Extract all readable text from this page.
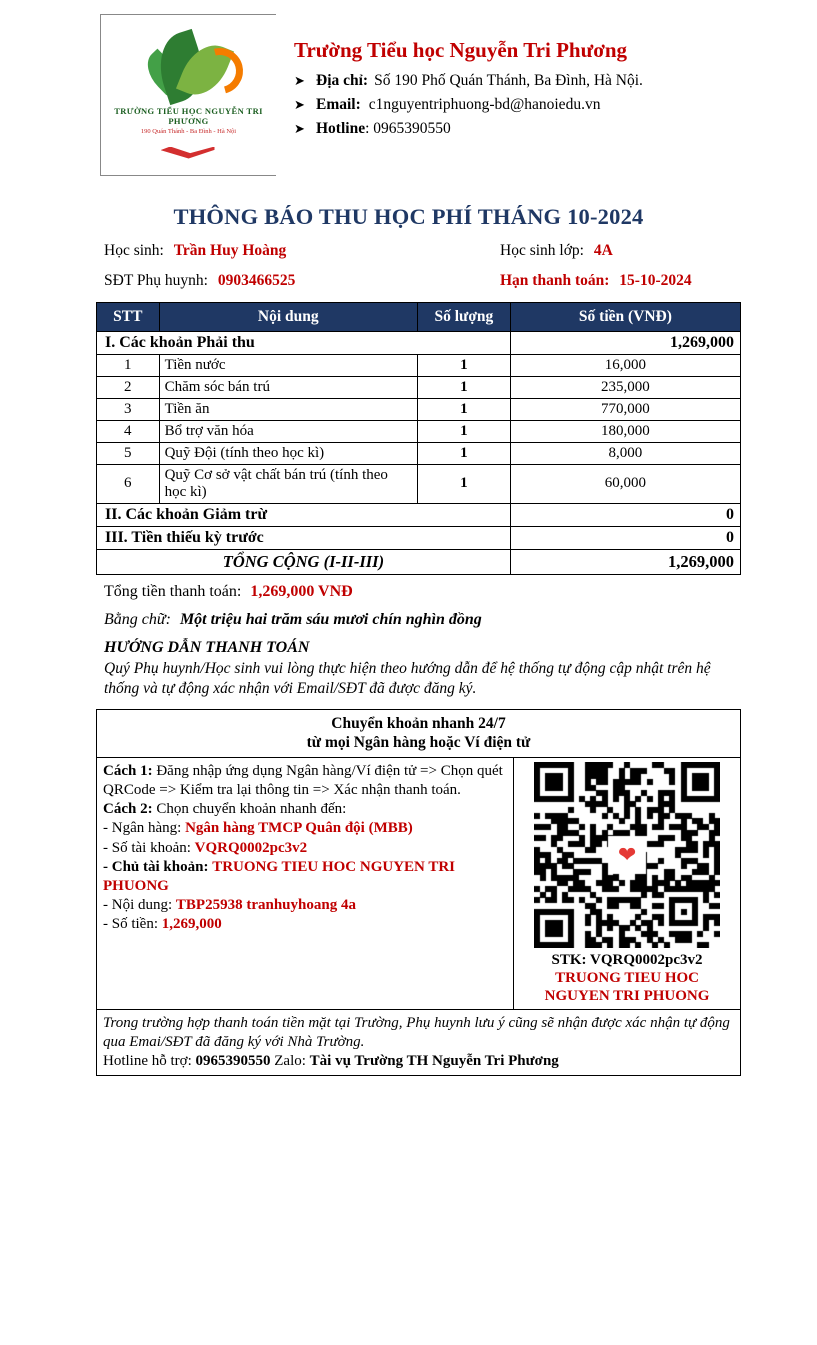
TRƯỜNG TIỂU HỌC NGUYỄN TRI PHƯƠNG
190 Quán Thánh - Ba Đình - Hà Nội
Trường Tiểu học Nguyễn Tri Phương
➤ Địa chỉ: Số 190 Phố Quán Thánh, Ba Đình, Hà Nội.
➤ Email: c1nguyentriphuong-bd@hanoiedu.vn
➤ Hotline : 0965390550
THÔNG BÁO THU HỌC PHÍ THÁNG 10-2024
Học sinh: Trần Huy Hoàng	Học sinh lớp: 4A
SĐT Phụ huynh: 0903466525	Hạn thanh toán: 15-10-2024
STT	Nội dung	Số lượng	Số tiền (VNĐ)
I. Các khoản Phải thu			1,269,000
1	Tiền nước	1	16,000
2	Chăm sóc bán trú	1	235,000
3	Tiền ăn	1	770,000
4	Bổ trợ văn hóa	1	180,000
5	Quỹ Đội (tính theo học kì)	1	8,000
6	Quỹ Cơ sở vật chất bán trú (tính theo học kì)	1	60,000
II. Các khoản Giảm trừ			0
III. Tiền thiếu kỳ trước			0
TỔNG CỘNG (I-II-III)			1,269,000
Tổng tiền thanh toán: 1,269,000 VNĐ
Bằng chữ: Một triệu hai trăm sáu mươi chín nghìn đồng
HƯỚNG DẪN THANH TOÁN
Quý Phụ huynh/Học sinh vui lòng thực hiện theo hướng dẫn để hệ thống tự động cập nhật trên hệ thống và tự động xác nhận với Email/SĐT đã được đăng ký.
Chuyển khoản nhanh 24/7
từ mọi Ngân hàng hoặc Ví điện tử

Cách 1: Đăng nhập ứng dụng Ngân hàng/Ví điện tử => Chọn quét QRCode => Kiểm tra lại thông tin => Xác nhận thanh toán.

Cách 2: Chọn chuyển khoản nhanh đến:

- Ngân hàng: Ngân hàng TMCP Quân đội (MBB)

- Số tài khoản: VQRQ0002pc3v2

- Chủ tài khoản: TRUONG TIEU HOC NGUYEN TRI PHUONG

- Nội dung: TBP25938 tranhuyhoang 4a

- Số tiền: 1,269,000

❤
STK: VQRQ0002pc3v2
TRUONG TIEU HOC
NGUYEN TRI PHUONG

Trong trường hợp thanh toán tiền mặt tại Trường, Phụ huynh lưu ý cũng sẽ nhận được xác nhận tự động qua Emai/SĐT đã đăng ký với Nhà Trường.
Hotline hỗ trợ: 0965390550 Zalo: Tài vụ Trường TH Nguyễn Tri Phương
